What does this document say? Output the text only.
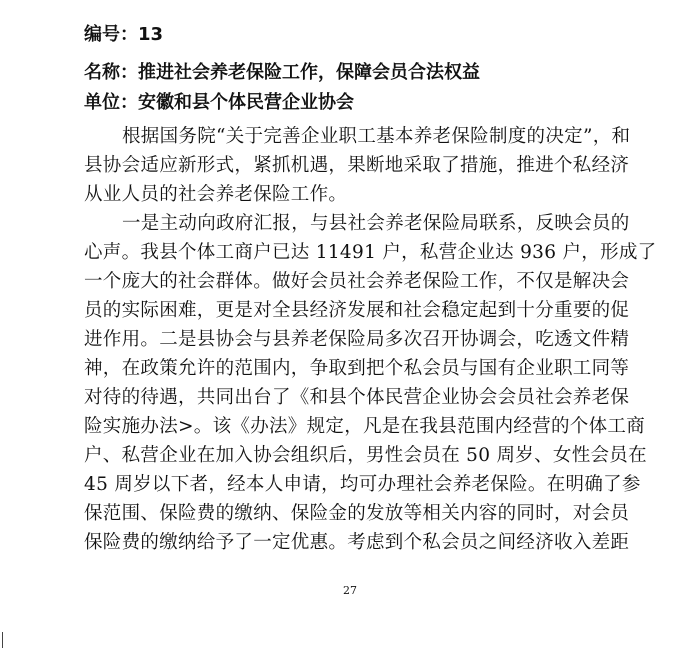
编号：13
名称：推进社会养老保险工作，保障会员合法权益
单位：安徽和县个体民营企业协会
根据国务院“关于完善企业职工基本养老保险制度的决定”，和
县协会适应新形式，紧抓机遇，果断地采取了措施，推进个私经济
从业人员的社会养老保险工作。
一是主动向政府汇报，与县社会养老保险局联系，反映会员的
心声。我县个体工商户已达 11491 户，私营企业达 936 户，形成了
一个庞大的社会群体。做好会员社会养老保险工作，不仅是解决会
员的实际困难，更是对全县经济发展和社会稳定起到十分重要的促
进作用。二是县协会与县养老保险局多次召开协调会，吃透文件精
神，在政策允许的范围内，争取到把个私会员与国有企业职工同等
对待的待遇，共同出台了《和县个体民营企业协会会员社会养老保
险实施办法>。该《办法》规定，凡是在我县范围内经营的个体工商
户、私营企业在加入协会组织后，男性会员在 50 周岁、女性会员在
45 周岁以下者，经本人申请，均可办理社会养老保险。在明确了参
保范围、保险费的缴纳、保险金的发放等相关内容的同时，对会员
保险费的缴纳给予了一定优惠。考虑到个私会员之间经济收入差距
27
